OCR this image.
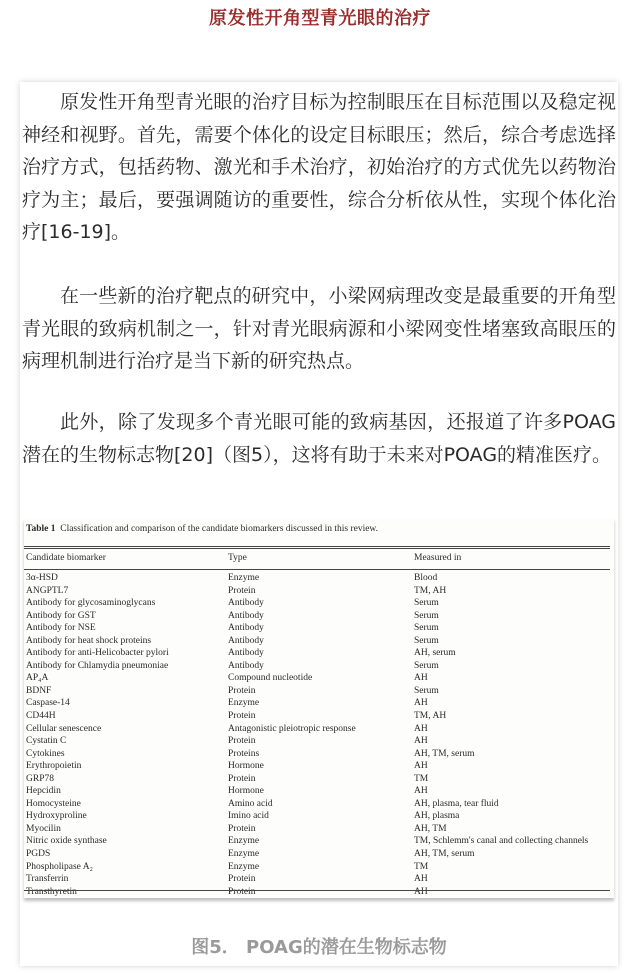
原发性开角型青光眼的治疗
原发性开角型青光眼的治疗目标为控制眼压在目标范围以及稳定视神经和视野。首先，需要个体化的设定目标眼压；然后，综合考虑选择治疗方式，包括药物、激光和手术治疗，初始治疗的方式优先以药物治疗为主；最后，要强调随访的重要性，综合分析依从性，实现个体化治疗[16-19]。
在一些新的治疗靶点的研究中，小梁网病理改变是最重要的开角型青光眼的致病机制之一，针对青光眼病源和小梁网变性堵塞致高眼压的病理机制进行治疗是当下新的研究热点。
此外，除了发现多个青光眼可能的致病基因，还报道了许多POAG潜在的生物标志物[20]（图5），这将有助于未来对POAG的精准医疗。
Table 1 Classification and comparison of the candidate biomarkers discussed in this review.
Candidate biomarker	Type	Measured in
3α-HSD	Enzyme	Blood
ANGPTL7	Protein	TM, AH
Antibody for glycosaminoglycans	Antibody	Serum
Antibody for GST	Antibody	Serum
Antibody for NSE	Antibody	Serum
Antibody for heat shock proteins	Antibody	Serum
Antibody for anti-Helicobacter pylori	Antibody	AH, serum
Antibody for Chlamydia pneumoniae	Antibody	Serum
AP₄A	Compound nucleotide	AH
BDNF	Protein	Serum
Caspase-14	Enzyme	AH
CD44H	Protein	TM, AH
Cellular senescence	Antagonistic pleiotropic response	AH
Cystatin C	Protein	AH
Cytokines	Proteins	AH, TM, serum
Erythropoietin	Hormone	AH
GRP78	Protein	TM
Hepcidin	Hormone	AH
Homocysteine	Amino acid	AH, plasma, tear fluid
Hydroxyproline	Imino acid	AH, plasma
Myocilin	Protein	AH, TM
Nitric oxide synthase	Enzyme	TM, Schlemm's canal and collecting channels
PGDS	Enzyme	AH, TM, serum
Phospholipase A₂	Enzyme	TM
Transferrin	Protein	AH
Transthyretin	Protein	AH
图5． POAG的潜在生物标志物
